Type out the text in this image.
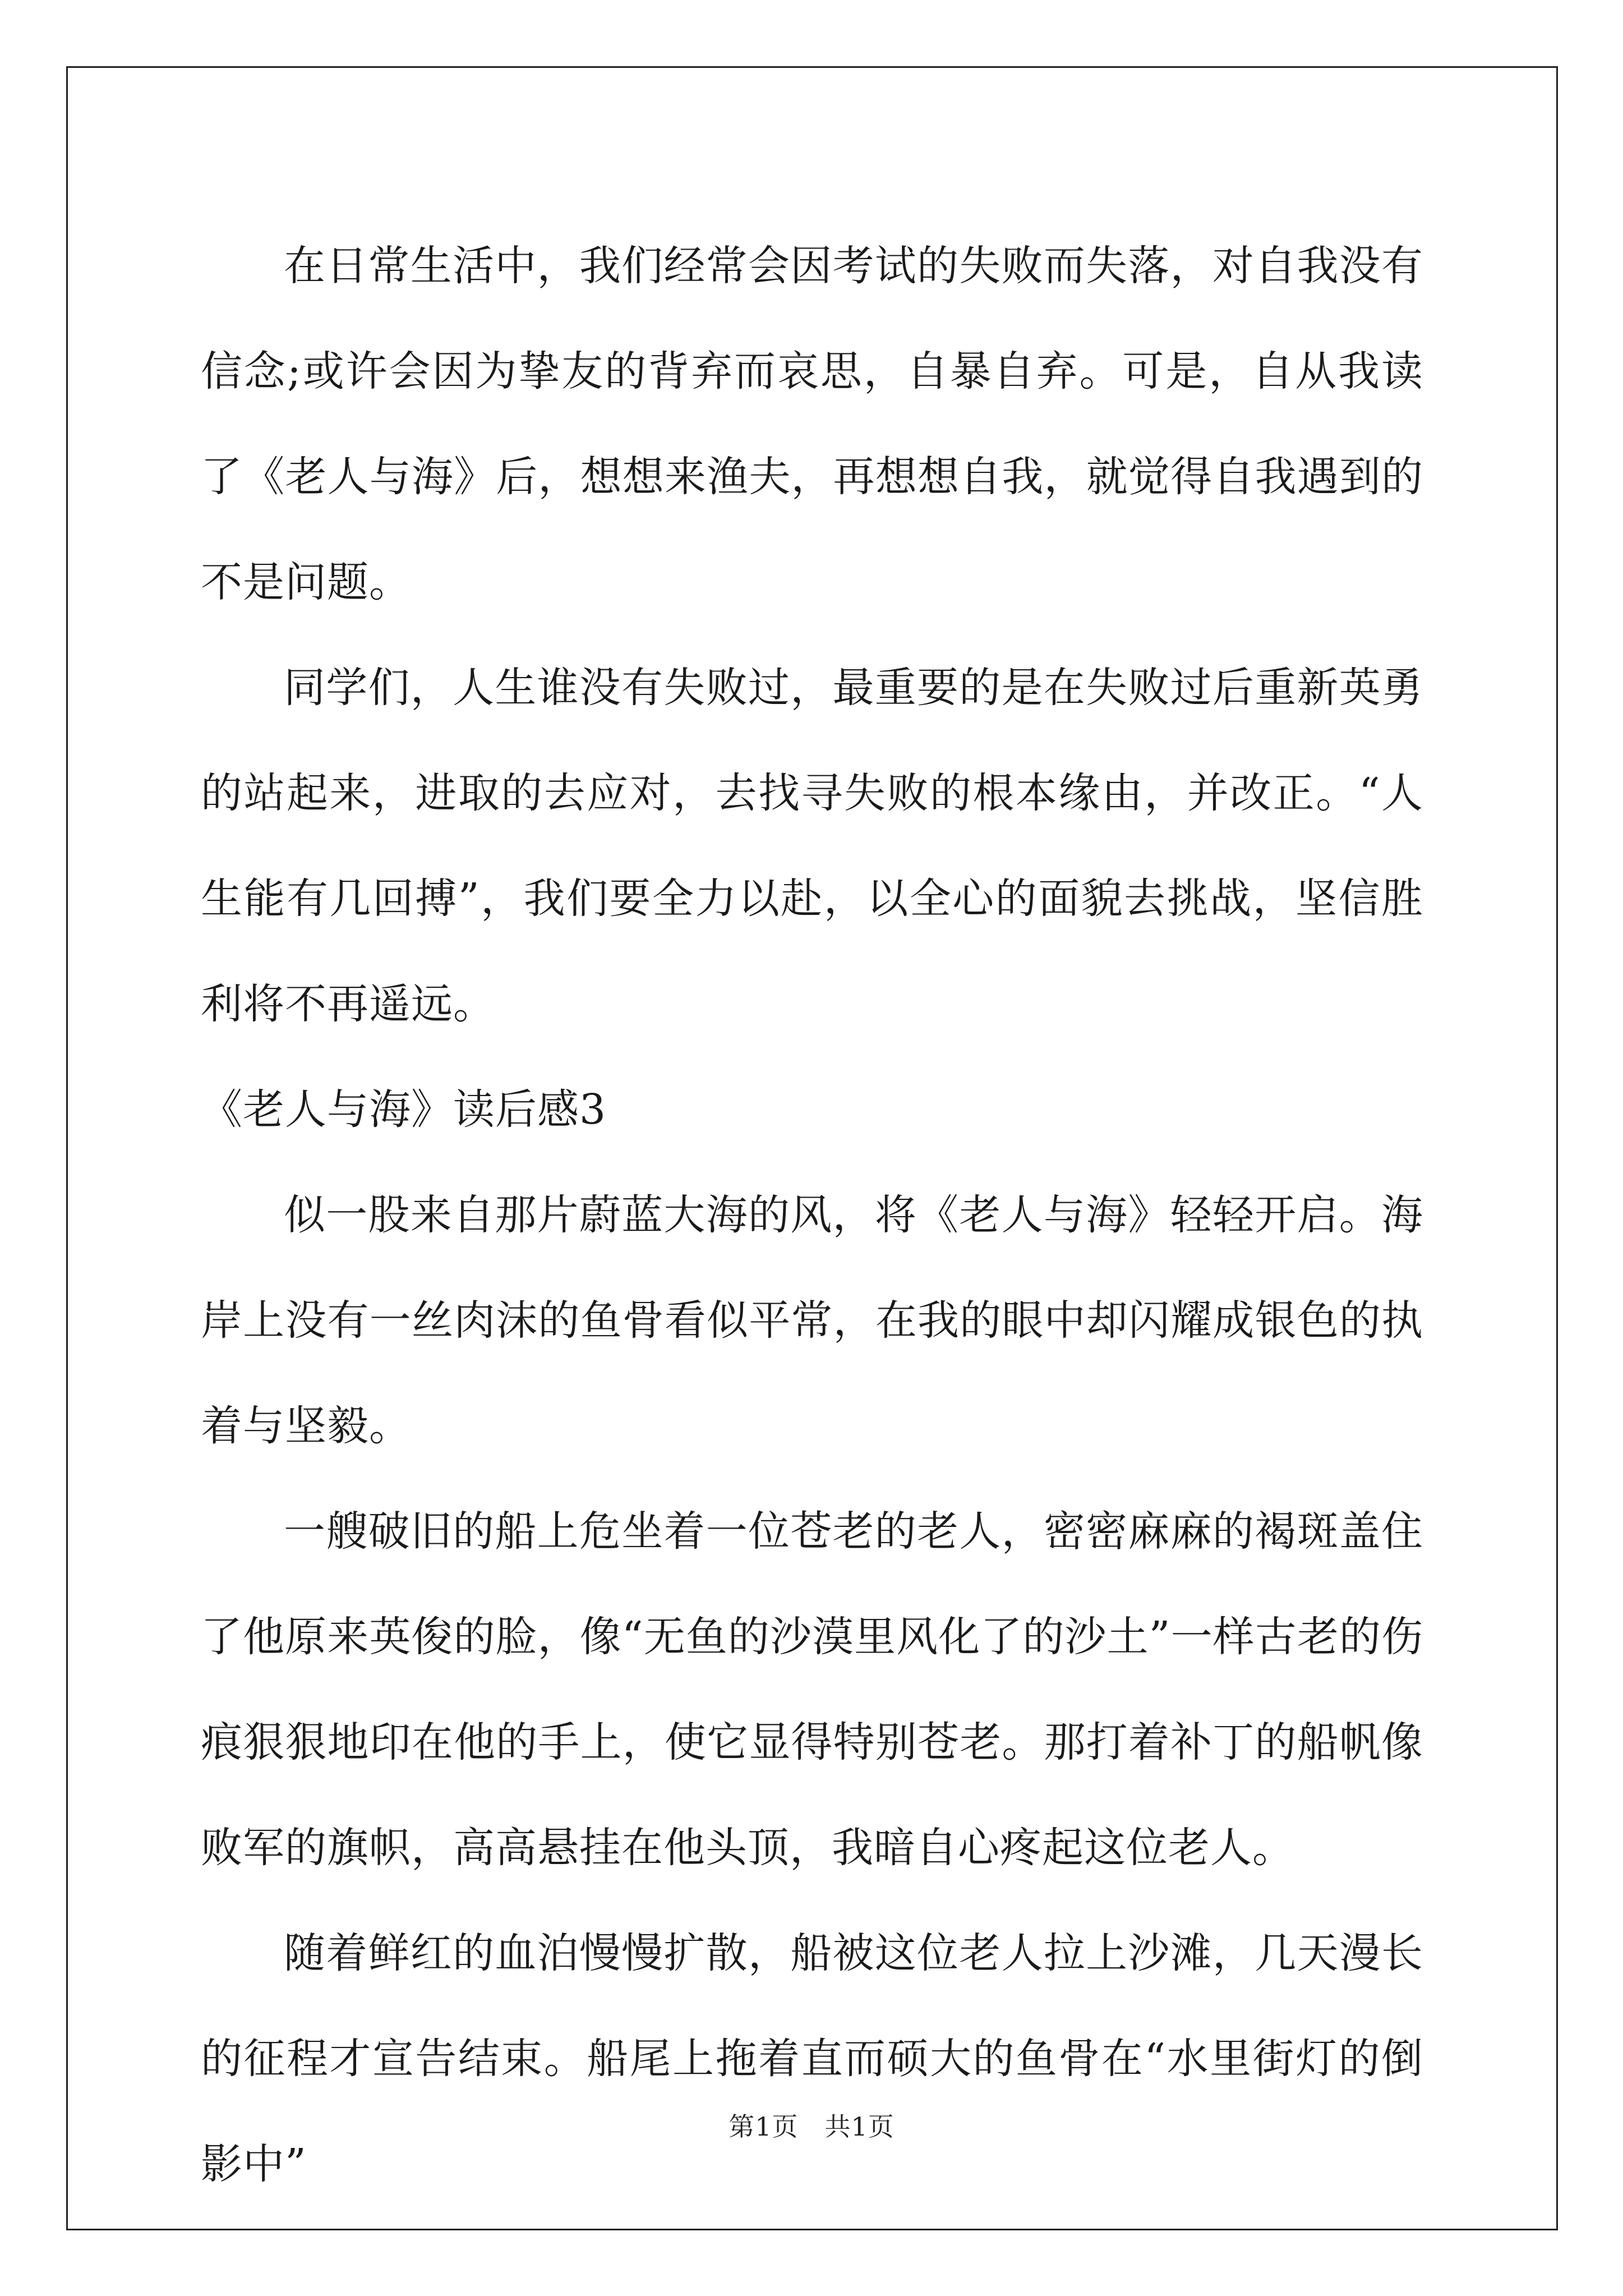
在日常生活中，我们经常会因考试的失败而失落，对自我没有信念;或许会因为挚友的背弃而哀思，自暴自弃。可是，自从我读了《老人与海》后，想想来渔夫，再想想自我，就觉得自我遇到的不是问题。

同学们，人生谁没有失败过，最重要的是在失败过后重新英勇的站起来，进取的去应对，去找寻失败的根本缘由，并改正。“人生能有几回搏”，我们要全力以赴，以全心的面貌去挑战，坚信胜利将不再遥远。

《老人与海》读后感3

似一股来自那片蔚蓝大海的风，将《老人与海》轻轻开启。海岸上没有一丝肉沫的鱼骨看似平常，在我的眼中却闪耀成银色的执着与坚毅。

一艘破旧的船上危坐着一位苍老的老人，密密麻麻的褐斑盖住了他原来英俊的脸，像“无鱼的沙漠里风化了的沙土”一样古老的伤痕狠狠地印在他的手上，使它显得特别苍老。那打着补丁的船帆像败军的旗帜，高高悬挂在他头顶，我暗自心疼起这位老人。

随着鲜红的血泊慢慢扩散，船被这位老人拉上沙滩，几天漫长的征程才宣告结束。船尾上拖着直而硕大的鱼骨在“水里街灯的倒影中”

第1页　共1页
